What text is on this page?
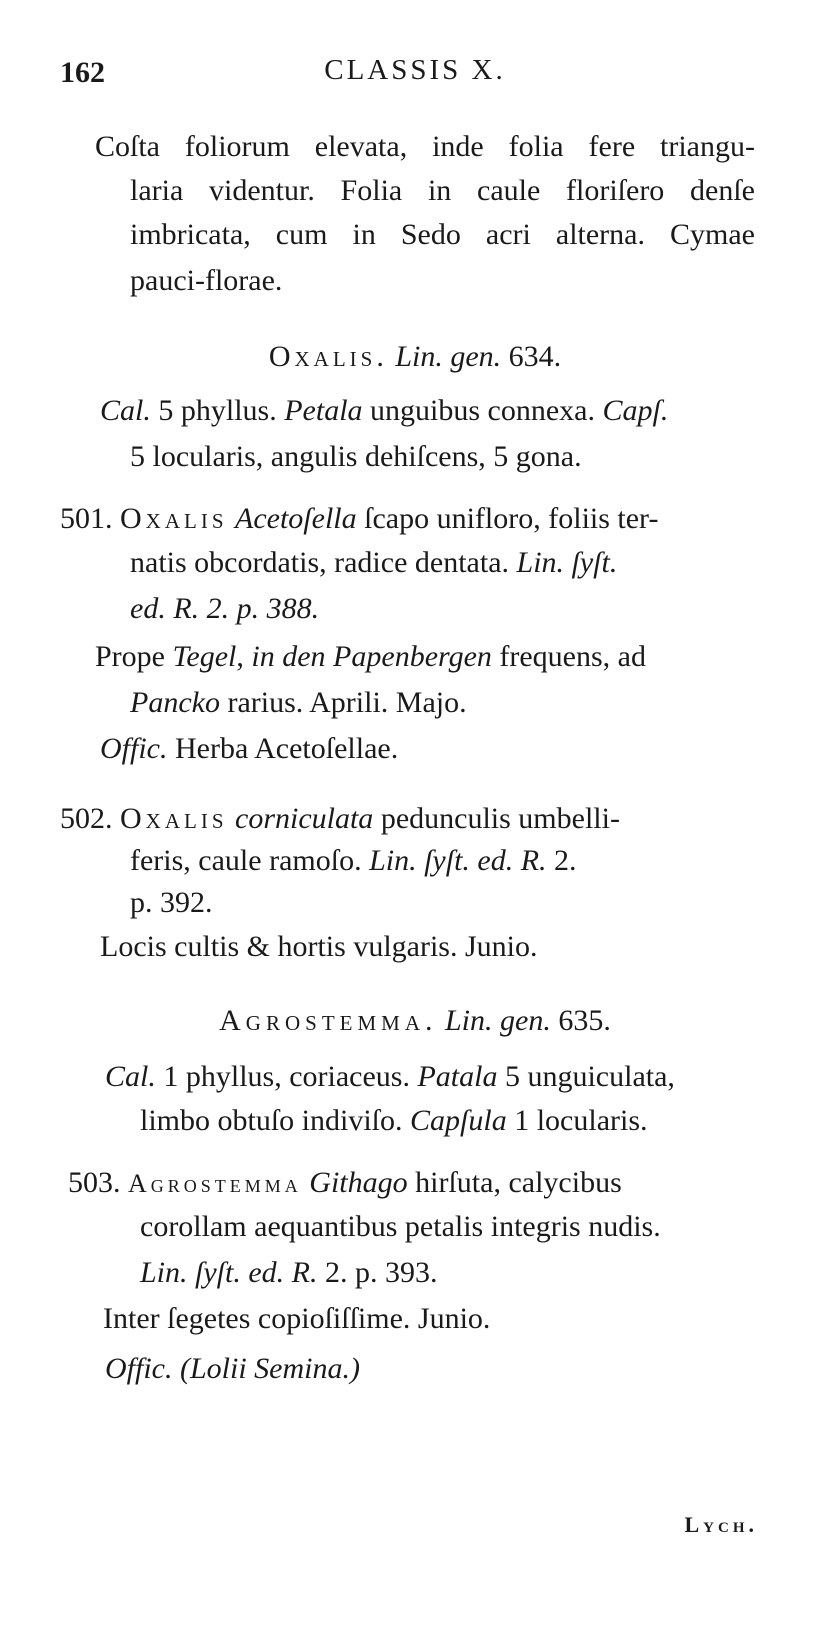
162	CLASSIS X.
Coſta foliorum elevata, inde folia fere triangu-
laria videntur. Folia in caule floriſero denſe
imbricata, cum in Sedo acri alterna. Cymae
pauci-florae.
Oxalis. Lin. gen. 634.
Cal. 5 phyllus. Petala unguibus connexa. Capſ.
5 locularis, angulis dehiſcens, 5 gona.
501. Oxalis Acetoſella ſcapo unifloro, foliis ter-
natis obcordatis, radice dentata. Lin. ſyſt.
ed. R. 2. p. 388.
Prope Tegel, in den Papenbergen frequens, ad
Pancko rarius. Aprili. Majo.
Offic. Herba Acetoſellae.
502. Oxalis corniculata pedunculis umbelli-
feris, caule ramoſo. Lin. ſyſt. ed. R. 2.
p. 392.
Locis cultis & hortis vulgaris. Junio.
Agrostemma. Lin. gen. 635.
Cal. 1 phyllus, coriaceus. Patala 5 unguiculata,
limbo obtuſo indiviſo. Capſula 1 locularis.
503. Agrostemma Githago hirſuta, calycibus
corollam aequantibus petalis integris nudis.
Lin. ſyſt. ed. R. 2. p. 393.
Inter ſegetes copioſiſſime. Junio.
Offic. (Lolii Semina.)
Lych.
